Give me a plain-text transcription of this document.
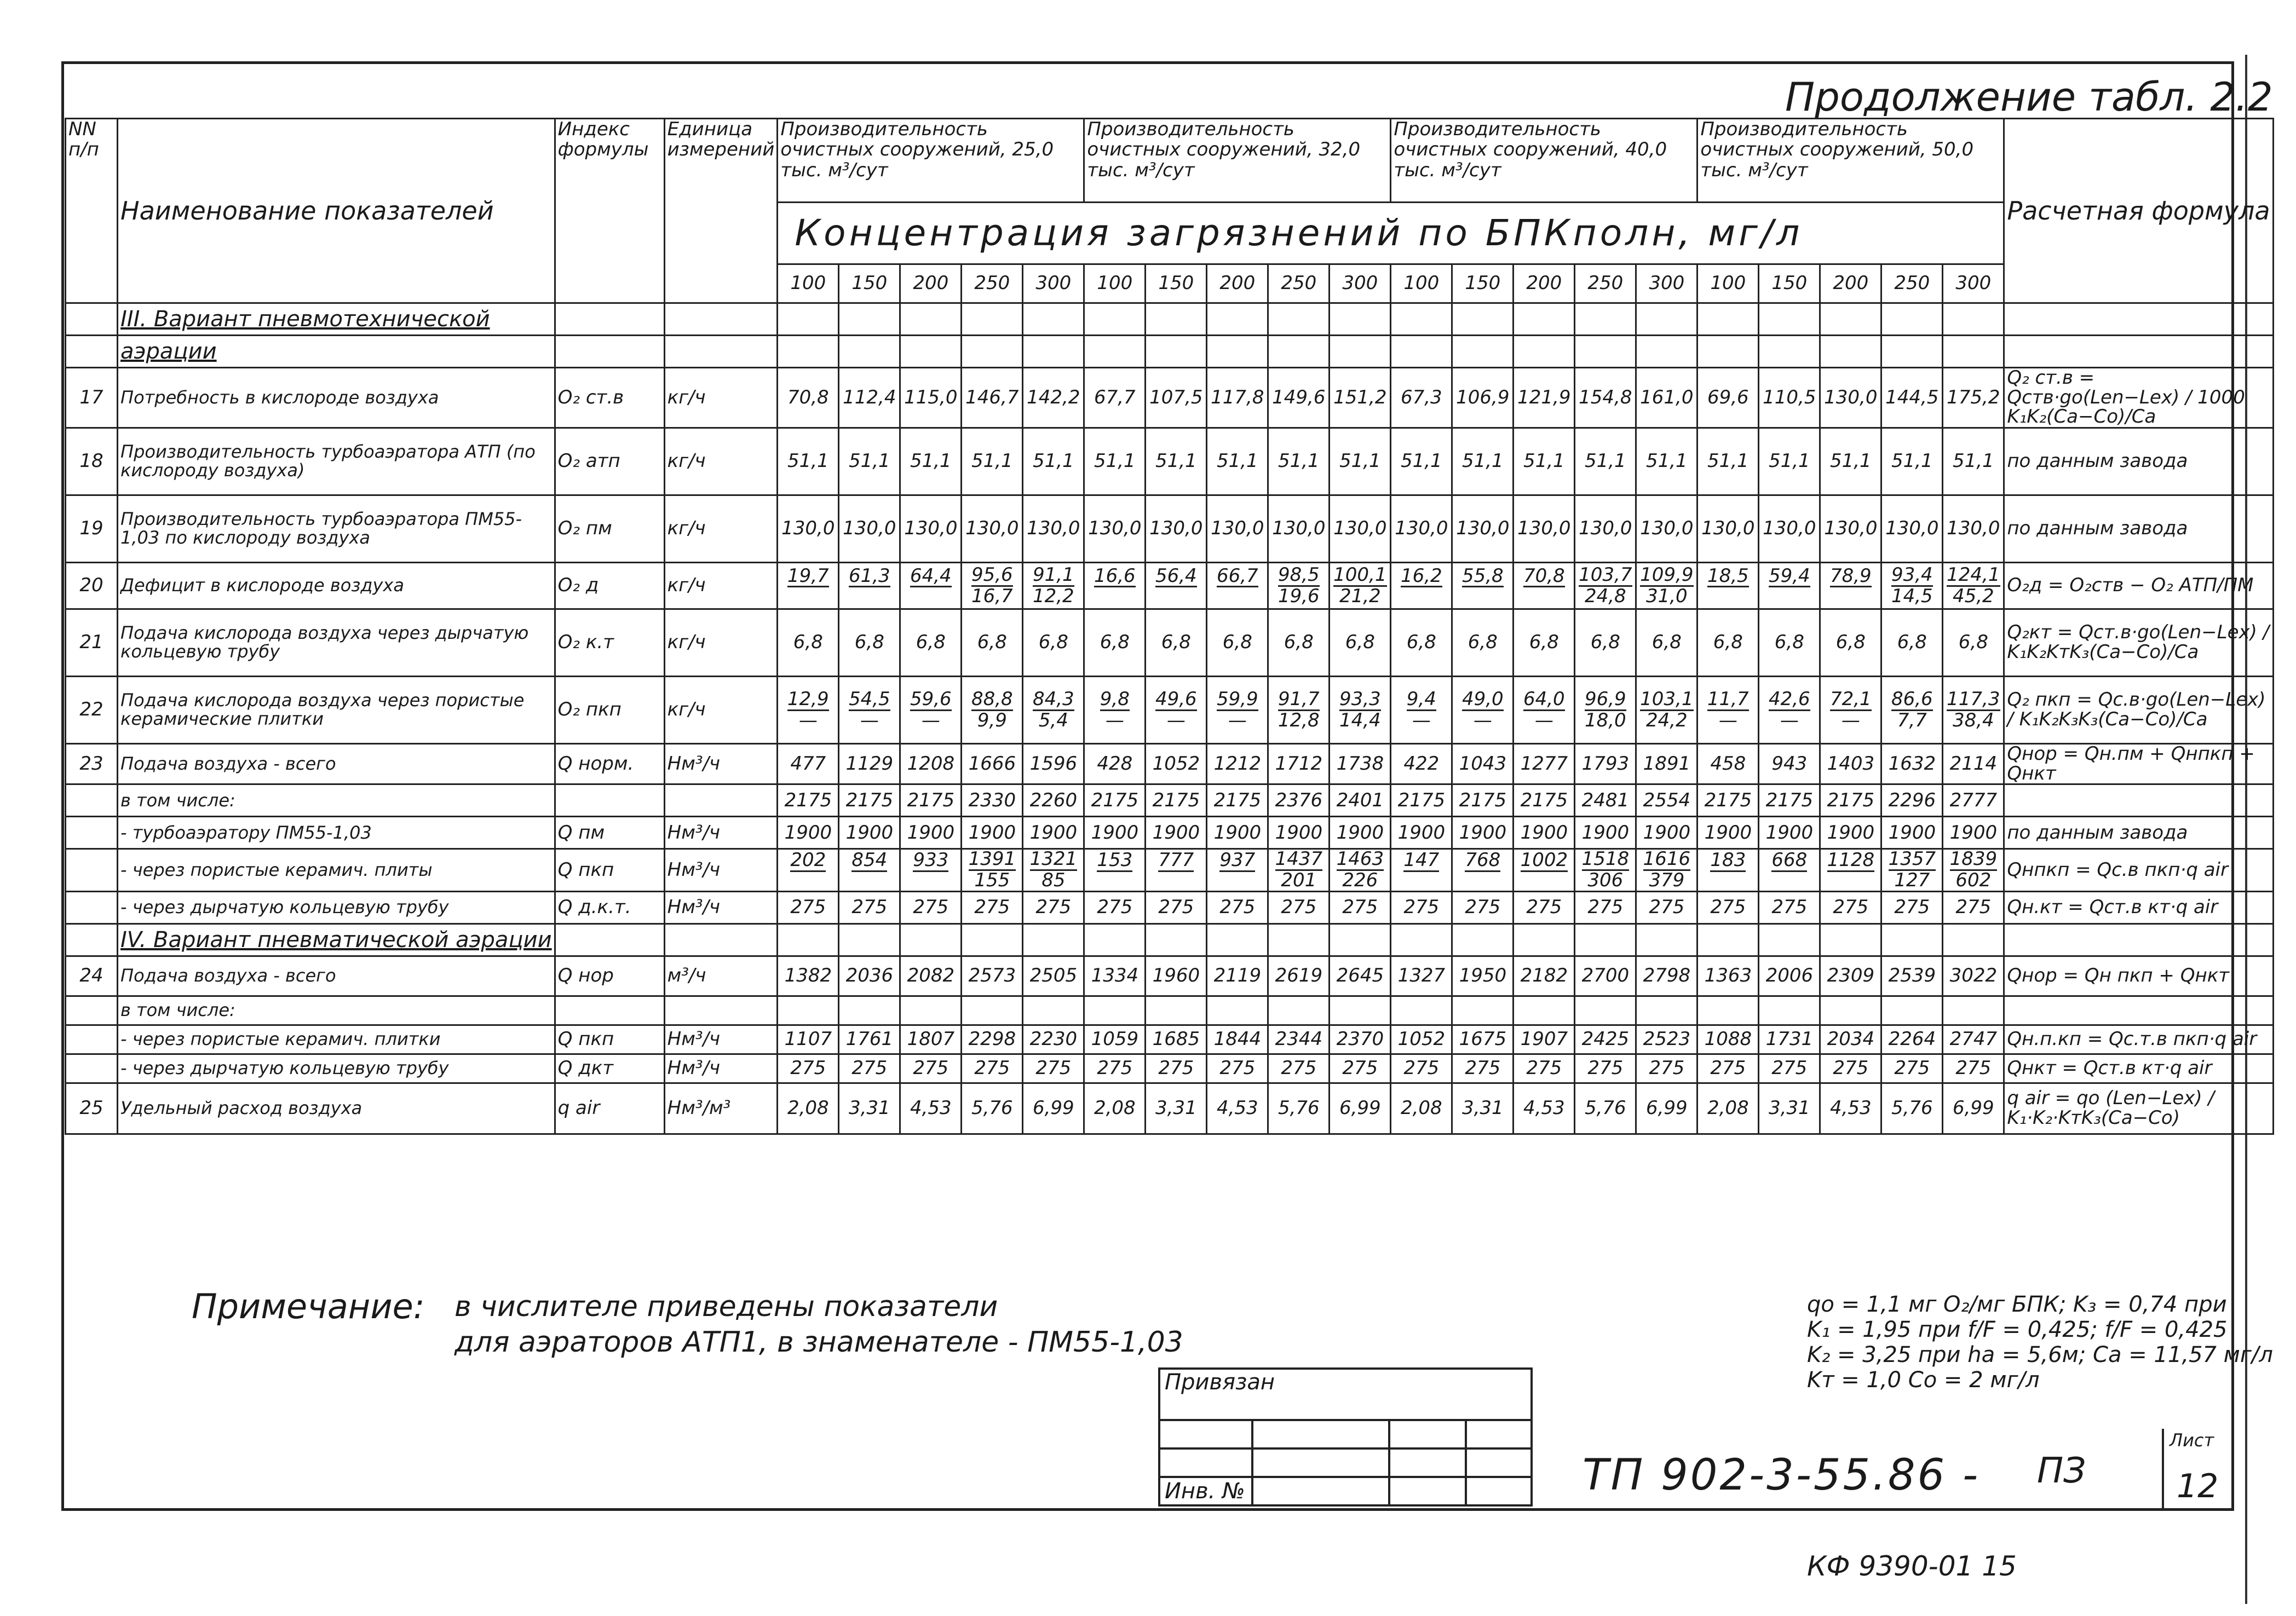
Продолжение табл. 2.2
NN п/п	Наименование показателей	Индекс формулы	Единица измерений	Производительность очистных сооружений, 25,0 тыс. м³/сут					Производительность очистных сооружений, 32,0 тыс. м³/сут					Производительность очистных сооружений, 40,0 тыс. м³/сут					Производительность очистных сооружений, 50,0 тыс. м³/сут					Расчетная формула
				Концентрация загрязнений по БПКполн, мг/л																				
				100	150	200	250	300	100	150	200	250	300	100	150	200	250	300	100	150	200	250	300	
	III. Вариант пневмотехнической																							
	аэрации																							
17	Потребность в кислороде воздуха	O₂ ст.в	кг/ч	70,8	112,4	115,0	146,7	142,2	67,7	107,5	117,8	149,6	151,2	67,3	106,9	121,9	154,8	161,0	69,6	110,5	130,0	144,5	175,2	Q₂ ст.в = Qств·gо(Len−Lex) / 1000 K₁K₂(Ca−Co)/Ca
18	Производительность турбоаэратора АТП (по кислороду воздуха)	O₂ атп	кг/ч	51,1	51,1	51,1	51,1	51,1	51,1	51,1	51,1	51,1	51,1	51,1	51,1	51,1	51,1	51,1	51,1	51,1	51,1	51,1	51,1	по данным завода
19	Производительность турбоаэратора ПМ55-1,03 по кислороду воздуха	O₂ пм	кг/ч	130,0	130,0	130,0	130,0	130,0	130,0	130,0	130,0	130,0	130,0	130,0	130,0	130,0	130,0	130,0	130,0	130,0	130,0	130,0	130,0	по данным завода
20	Дефицит в кислороде воздуха	O₂ д	кг/ч	19,7	61,3	64,4	$\frac{95,6}{16,7}$	$\frac{91,1}{12,2}$	16,6	56,4	66,7	$\frac{98,5}{19,6}$	$\frac{100,1}{21,2}$	16,2	55,8	70,8	$\frac{103,7}{24,8}$	$\frac{109,9}{31,0}$	18,5	59,4	78,9	$\frac{93,4}{14,5}$	$\frac{124,1}{45,2}$	O₂д = O₂ств − O₂ АТП/ПМ
21	Подача кислорода воздуха через дырчатую кольцевую трубу	O₂ к.т	кг/ч	6,8	6,8	6,8	6,8	6,8	6,8	6,8	6,8	6,8	6,8	6,8	6,8	6,8	6,8	6,8	6,8	6,8	6,8	6,8	6,8	Q₂кт = Qст.в·gо(Len−Lex) / K₁K₂KтK₃(Ca−Co)/Ca
22	Подача кислорода воздуха через пористые керамические плитки	O₂ пкп	кг/ч	$\frac{12,9}{—}$	$\frac{54,5}{—}$	$\frac{59,6}{—}$	$\frac{88,8}{9,9}$	$\frac{84,3}{5,4}$	$\frac{9,8}{—}$	$\frac{49,6}{—}$	$\frac{59,9}{—}$	$\frac{91,7}{12,8}$	$\frac{93,3}{14,4}$	$\frac{9,4}{—}$	$\frac{49,0}{—}$	$\frac{64,0}{—}$	$\frac{96,9}{18,0}$	$\frac{103,1}{24,2}$	$\frac{11,7}{—}$	$\frac{42,6}{—}$	$\frac{72,1}{—}$	$\frac{86,6}{7,7}$	$\frac{117,3}{38,4}$	Q₂ пкп = Qс.в·gо(Len−Lex) / K₁K₂K₃K₃(Ca−Co)/Ca
23	Подача воздуха - всего	Q норм.	Нм³/ч	477	1129	1208	1666	1596	428	1052	1212	1712	1738	422	1043	1277	1793	1891	458	943	1403	1632	2114	Qнор = Qн.пм + Qнпкп + Qнкт
	в том числе:			2175	2175	2175	2330	2260	2175	2175	2175	2376	2401	2175	2175	2175	2481	2554	2175	2175	2175	2296	2777	
	- турбоаэратору ПМ55-1,03	Q пм	Нм³/ч	1900	1900	1900	1900	1900	1900	1900	1900	1900	1900	1900	1900	1900	1900	1900	1900	1900	1900	1900	1900	по данным завода
	- через пористые керамич. плиты	Q пкп	Нм³/ч	202	854	933	$\frac{1391}{155}$	$\frac{1321}{85}$	153	777	937	$\frac{1437}{201}$	$\frac{1463}{226}$	147	768	1002	$\frac{1518}{306}$	$\frac{1616}{379}$	183	668	1128	$\frac{1357}{127}$	$\frac{1839}{602}$	Qнпкп = Qс.в пкп·q air
	- через дырчатую кольцевую трубу	Q д.к.т.	Нм³/ч	275	275	275	275	275	275	275	275	275	275	275	275	275	275	275	275	275	275	275	275	Qн.кт = Qст.в кт·q air
	IV. Вариант пневматической аэрации																							
24	Подача воздуха - всего	Q нор	м³/ч	1382	2036	2082	2573	2505	1334	1960	2119	2619	2645	1327	1950	2182	2700	2798	1363	2006	2309	2539	3022	Qнор = Qн пкп + Qнкт
	в том числе:																							
	- через пористые керамич. плитки	Q пкп	Нм³/ч	1107	1761	1807	2298	2230	1059	1685	1844	2344	2370	1052	1675	1907	2425	2523	1088	1731	2034	2264	2747	Qн.п.кп = Qс.т.в пкп·q air
	- через дырчатую кольцевую трубу	Q дкт	Нм³/ч	275	275	275	275	275	275	275	275	275	275	275	275	275	275	275	275	275	275	275	275	Qнкт = Qст.в кт·q air
25	Удельный расход воздуха	q air	Нм³/м³	2,08	3,31	4,53	5,76	6,99	2,08	3,31	4,53	5,76	6,99	2,08	3,31	4,53	5,76	6,99	2,08	3,31	4,53	5,76	6,99	q air = qо (Len−Lex) / K₁·K₂·KтK₃(Ca−Co)
Примечание: в числителе приведены показатели
для аэраторов АТП1, в знаменателе - ПМ55-1,03
qо = 1,1 мг O₂/мг БПК; K₃ = 0,74 при
K₁ = 1,95 при f/F = 0,425; f/F = 0,425
K₂ = 3,25 при ha = 5,6м; Ca = 11,57 мг/л
Kт = 1,0 Co = 2 мг/л
Привязан			

Инв. №				ТП 902-3-55.86 - ПЗ
Лист
12
КФ 9390-01 15
